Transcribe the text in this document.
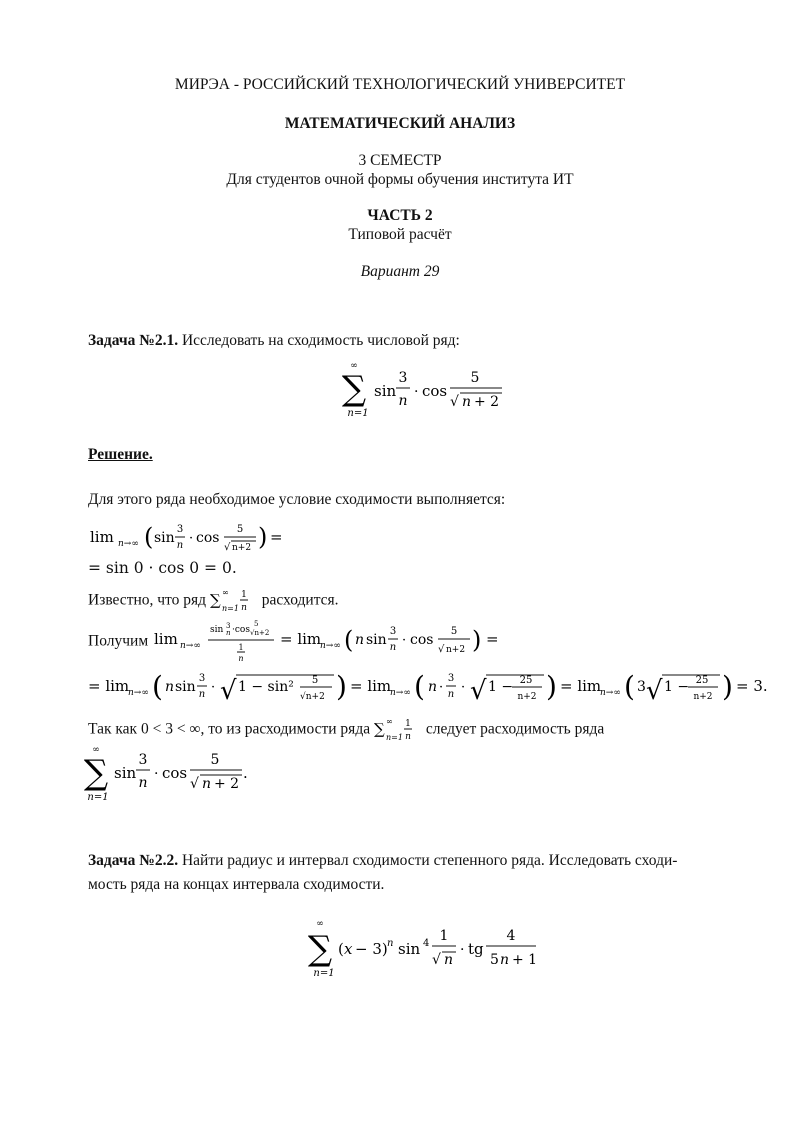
МИРЭА - РОССИЙСКИЙ ТЕХНОЛОГИЧЕСКИЙ УНИВЕРСИТЕТ
МАТЕМАТИЧЕСКИЙ АНАЛИЗ
3 СЕМЕСТР
Для студентов очной формы обучения института ИТ
ЧАСТЬ 2
Типовой расчёт
Вариант 29
Задача №2.1. Исследовать на сходимость числовой ряд:
∞
∑
n=1
sin
3
n
· cos
5
√ n + 2
Решение.
Для этого ряда необходимое условие сходимости выполняется:
lim n→∞ ( sin
3
n · cos
5
√ n+2 ) =
= sin 0 · cos 0 = 0.
Известно, что ряд ∑ ∞
n=1
1
n расходится.
Получим lim n→∞
sin 3
n ·cos
5
√n+2
1
n
= lim
n→∞ ( n sin
3
n · cos
5
√ n+2 ) =
= lim
n→∞ ( n sin
3
n · √ 1 − sin² 5
√n+2 ) = lim
n→∞ ( n ·
3
n · √ 1 − 25
n+2 ) = lim
n→∞ ( 3 √ 1 − 25
n+2 ) = 3.
Так как 0 < 3 < ∞, то из расходимости ряда ∑ ∞
n=1
1
n следует расходимость ряда
∞
∑
n=1
sin
3
n
· cos
5
√ n + 2
.
Задача №2.2. Найти радиус и интервал сходимости степенного ряда. Исследовать сходи-
мость ряда на концах интервала сходимости.
∞
∑
n=1
( x − 3) n sin 4 1
√ n
· tg
4
5 n + 1
